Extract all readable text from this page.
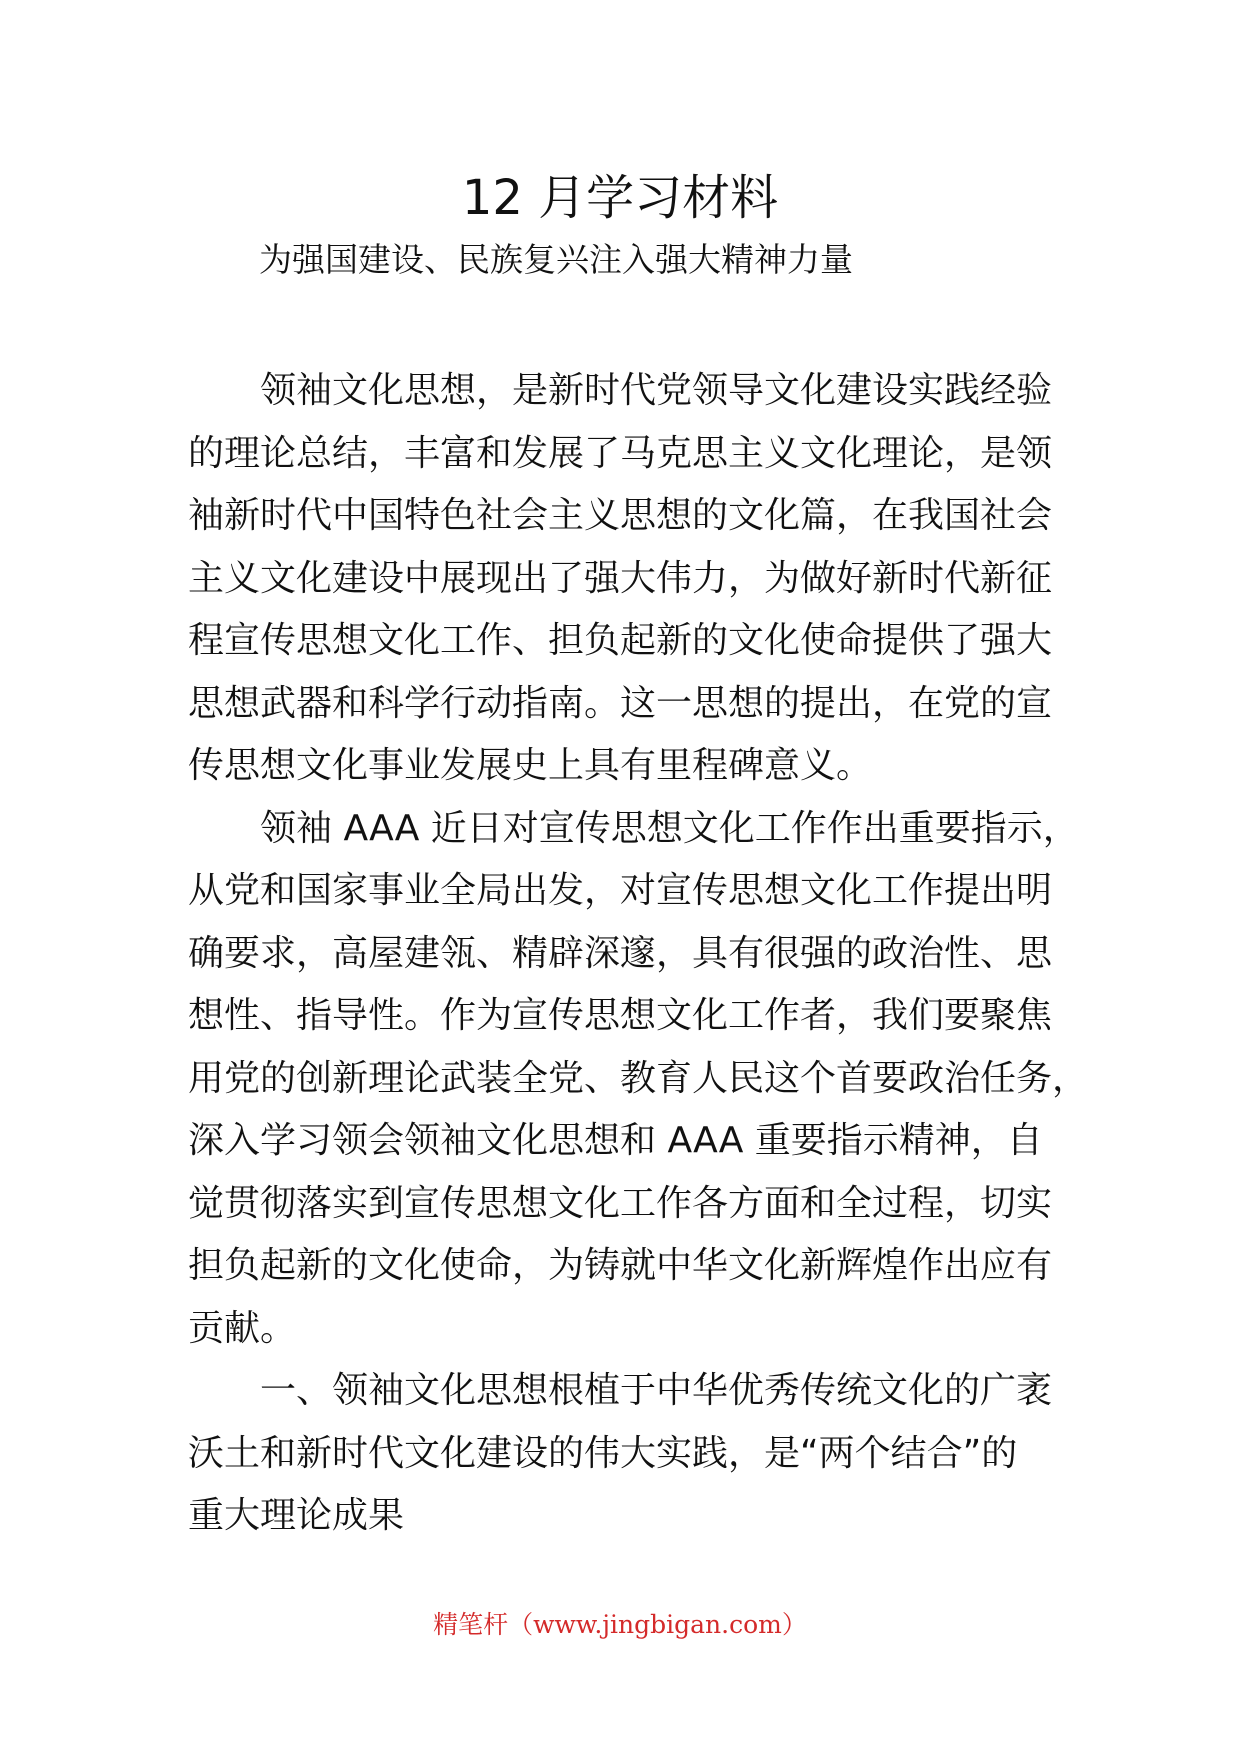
12 月学习材料

为强国建设、民族复兴注入强大精神力量

领袖文化思想，是新时代党领导文化建设实践经验
的理论总结，丰富和发展了马克思主义文化理论，是领
袖新时代中国特色社会主义思想的文化篇，在我国社会
主义文化建设中展现出了强大伟力，为做好新时代新征
程宣传思想文化工作、担负起新的文化使命提供了强大
思想武器和科学行动指南。这一思想的提出，在党的宣
传思想文化事业发展史上具有里程碑意义。

领袖 AAA 近日对宣传思想文化工作作出重要指示，
从党和国家事业全局出发，对宣传思想文化工作提出明
确要求，高屋建瓴、精辟深邃，具有很强的政治性、思
想性、指导性。作为宣传思想文化工作者，我们要聚焦
用党的创新理论武装全党、教育人民这个首要政治任务，
深入学习领会领袖文化思想和 AAA 重要指示精神，自
觉贯彻落实到宣传思想文化工作各方面和全过程，切实
担负起新的文化使命，为铸就中华文化新辉煌作出应有
贡献。

一、领袖文化思想根植于中华优秀传统文化的广袤
沃土和新时代文化建设的伟大实践，是“两个结合”的
重大理论成果

精笔杆（www.jingbigan.com）
